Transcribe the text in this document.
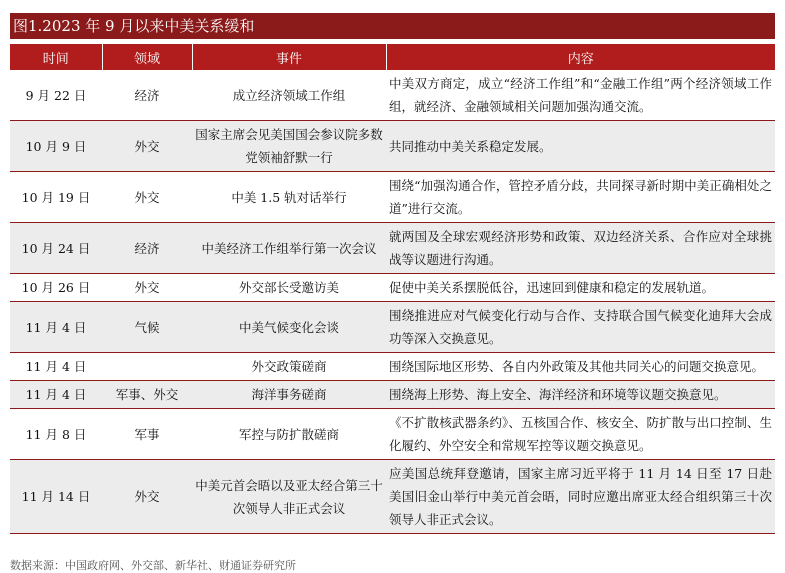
图1.2023 年 9 月以来中美关系缓和
时间	领域	事件	内容
9 月 22 日	经济	成立经济领域工作组	中美双方商定，成立“经济工作组”和“金融工作组”两个经济领域工作组，就经济、金融领域相关问题加强沟通交流。
10 月 9 日	外交	国家主席会见美国国会参议院多数党领袖舒默一行	共同推动中美关系稳定发展。
10 月 19 日	外交	中美 1.5 轨对话举行	围绕“加强沟通合作，管控矛盾分歧，共同探寻新时期中美正确相处之道”进行交流。
10 月 24 日	经济	中美经济工作组举行第一次会议	就两国及全球宏观经济形势和政策、双边经济关系、合作应对全球挑战等议题进行沟通。
10 月 26 日	外交	外交部长受邀访美	促使中美关系摆脱低谷，迅速回到健康和稳定的发展轨道。
11 月 4 日	气候	中美气候变化会谈	围绕推进应对气候变化行动与合作、支持联合国气候变化迪拜大会成功等深入交换意见。
11 月 4 日		外交政策磋商	围绕国际地区形势、各自内外政策及其他共同关心的问题交换意见。
11 月 4 日	军事、外交	海洋事务磋商	围绕海上形势、海上安全、海洋经济和环境等议题交换意见。
11 月 8 日	军事	军控与防扩散磋商	《不扩散核武器条约》、五核国合作、核安全、防扩散与出口控制、生化履约、外空安全和常规军控等议题交换意见。
11 月 14 日	外交	中美元首会晤以及亚太经合第三十次领导人非正式会议	应美国总统拜登邀请，国家主席习近平将于 11 月 14 日至 17 日赴美国旧金山举行中美元首会晤，同时应邀出席亚太经合组织第三十次领导人非正式会议。
数据来源：中国政府网、外交部、新华社、财通证券研究所
